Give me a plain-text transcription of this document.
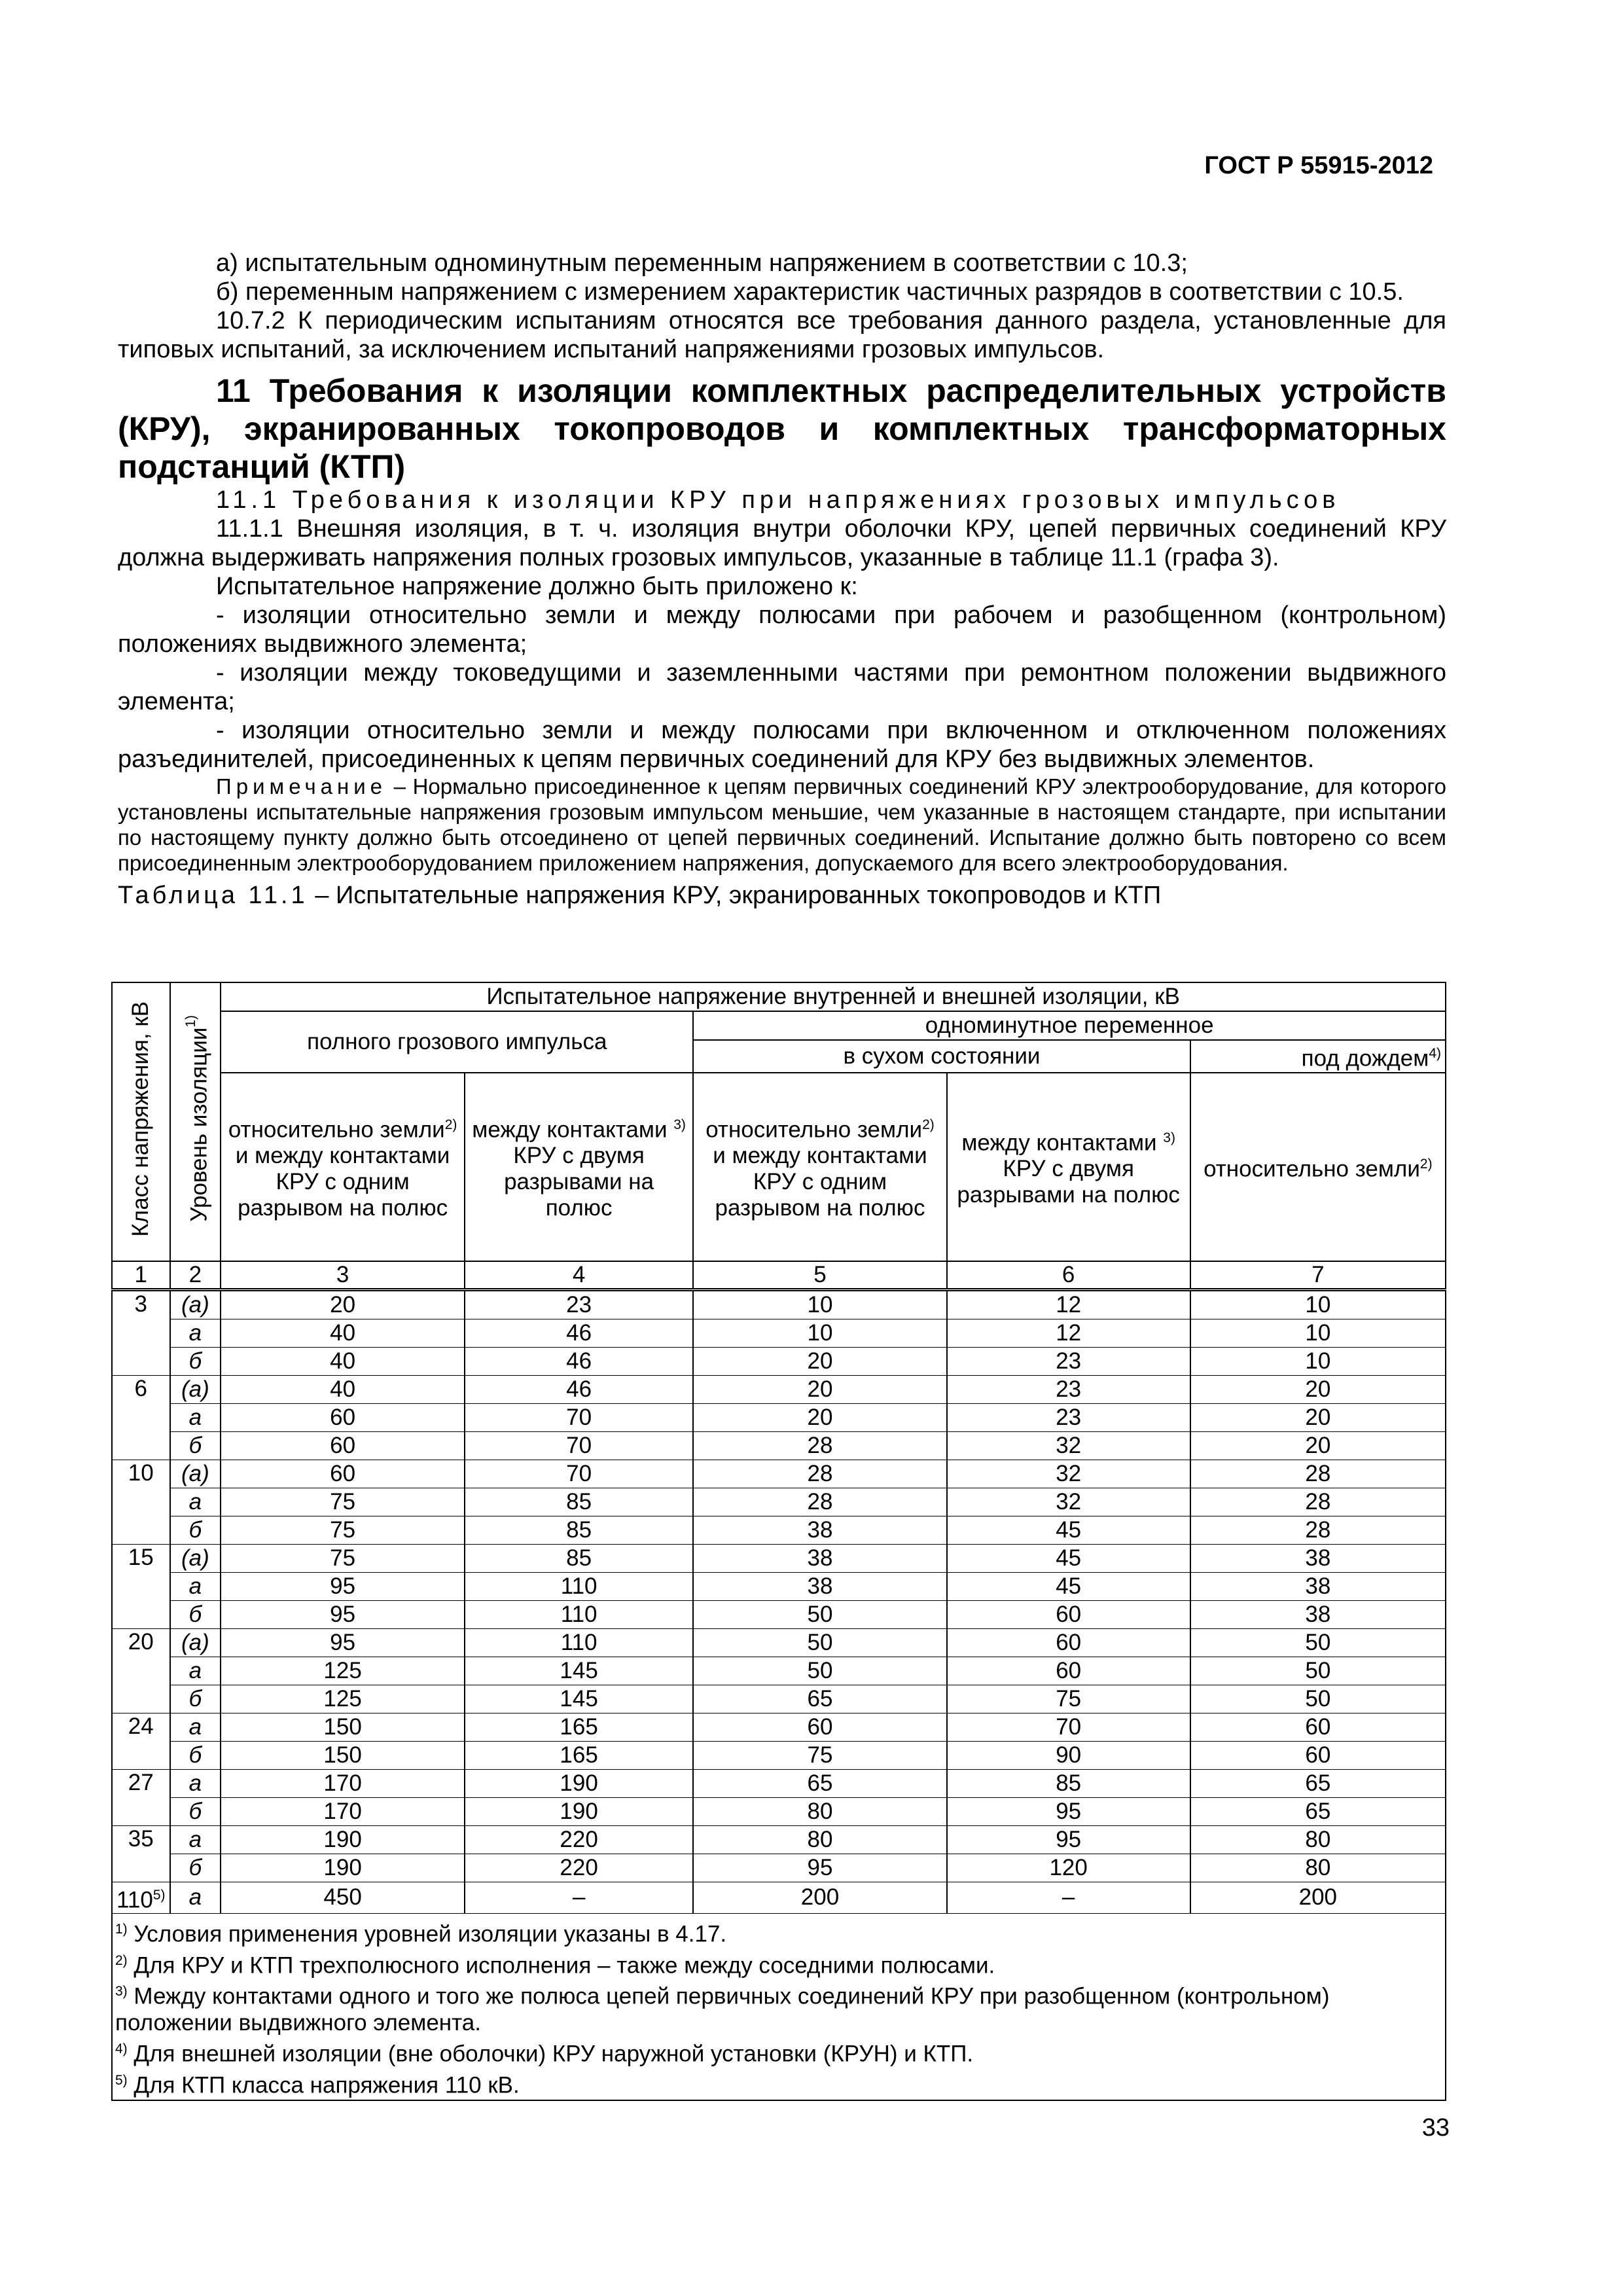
ГОСТ Р 55915-2012

а) испытательным одноминутным переменным напряжением в соответствии с 10.3;

б) переменным напряжением с измерением характеристик частичных разрядов в соответствии с 10.5.

10.7.2 К периодическим испытаниям относятся все требования данного раздела, установленные для типовых испытаний, за исключением испытаний напряжениями грозовых импульсов.

11 Требования к изоляции комплектных распределительных устройств (КРУ), экранированных токопроводов и комплектных трансформаторных подстанций (КТП)

11.1 Требования к изоляции КРУ при напряжениях грозовых импульсов

11.1.1 Внешняя изоляция, в т. ч. изоляция внутри оболочки КРУ, цепей первичных соединений КРУ должна выдерживать напряжения полных грозовых импульсов, указанные в таблице 11.1 (графа 3).

Испытательное напряжение должно быть приложено к:

- изоляции относительно земли и между полюсами при рабочем и разобщенном (контрольном) положениях выдвижного элемента;

- изоляции между токоведущими и заземленными частями при ремонтном положении выдвижного элемента;

- изоляции относительно земли и между полюсами при включенном и отключенном положениях разъединителей, присоединенных к цепям первичных соединений для КРУ без выдвижных элементов.

Примечание – Нормально присоединенное к цепям первичных соединений КРУ электрооборудование, для которого установлены испытательные напряжения грозовым импульсом меньшие, чем указанные в настоящем стандарте, при испытании по настоящему пункту должно быть отсоединено от цепей первичных соединений. Испытание должно быть повторено со всем присоединенным электрооборудованием приложением напряжения, допускаемого для всего электрооборудования.

Таблица 11.1 – Испытательные напряжения КРУ, экранированных токопроводов и КТП

Класс напряжения, кВ	Уровень изоляции$^{1)}$	Испытательное напряжение внутренней и внешней изоляции, кВ				
		полного грозового импульса		одноминутное переменное		
				в сухом состоянии		под дождем$^{4)}$
		относительно земли$^{2)}$ и между контактами КРУ с одним разрывом на полюс	между контактами $^{3)}$ КРУ с двумя разрывами на полюс	относительно земли$^{2)}$ и между контактами КРУ с одним разрывом на полюс	между контактами $^{3)}$ КРУ с двумя разрывами на полюс	относительно земли$^{2)}$
1	2	3	4	5	6	7
3	(а)	20	23	10	12	10
	а	40	46	10	12	10
	б	40	46	20	23	10
6	(а)	40	46	20	23	20
	а	60	70	20	23	20
	б	60	70	28	32	20
10	(а)	60	70	28	32	28
	а	75	85	28	32	28
	б	75	85	38	45	28
15	(а)	75	85	38	45	38
	а	95	110	38	45	38
	б	95	110	50	60	38
20	(а)	95	110	50	60	50
	а	125	145	50	60	50
	б	125	145	65	75	50
24	а	150	165	60	70	60
	б	150	165	75	90	60
27	а	170	190	65	85	65
	б	170	190	80	95	65
35	а	190	220	80	95	80
	б	190	220	95	120	80
110$^{5)}$	а	450	–	200	–	200

$^{1)}$ Условия применения уровней изоляции указаны в 4.17.

$^{2)}$ Для КРУ и КТП трехполюсного исполнения – также между соседними полюсами.

$^{3)}$ Между контактами одного и того же полюса цепей первичных соединений КРУ при разобщенном (контрольном) положении выдвижного элемента.

$^{4)}$ Для внешней изоляции (вне оболочки) КРУ наружной установки (КРУН) и КТП.

$^{5)}$ Для КТП класса напряжения 110 кВ.

33
